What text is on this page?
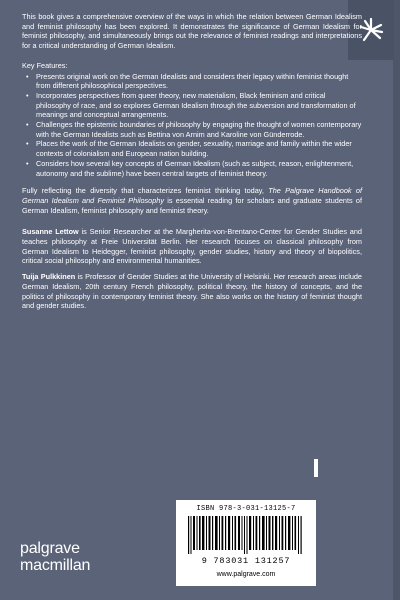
This book gives a comprehensive overview of the ways in which the relation between German Idealism and feminist philosophy has been explored. It demonstrates the significance of German Idealism for feminist philosophy, and simultaneously brings out the relevance of feminist readings and interpretations for a critical understanding of German Idealism.

Key Features:
• Presents original work on the German Idealists and considers their legacy within feminist thought from different philosophical perspectives.
• Incorporates perspectives from queer theory, new materialism, Black feminism and critical philosophy of race, and so explores German Idealism through the subversion and transformation of meanings and conceptual arrangements.
• Challenges the epistemic boundaries of philosophy by engaging the thought of women contemporary with the German Idealists such as Bettina von Arnim and Karoline von Günderrode.
• Places the work of the German Idealists on gender, sexuality, marriage and family within the wider contexts of colonialism and European nation building.
• Considers how several key concepts of German Idealism (such as subject, reason, enlightenment, autonomy and the sublime) have been central targets of feminist theory.

Fully reflecting the diversity that characterizes feminist thinking today, The Palgrave Handbook of German Idealism and Feminist Philosophy is essential reading for scholars and graduate students of German Idealism, feminist philosophy and feminist theory.

Susanne Lettow is Senior Researcher at the Margherita-von-Brentano-Center for Gender Studies and teaches philosophy at Freie Universität Berlin. Her research focuses on classical philosophy from German Idealism to Heidegger, feminist philosophy, gender studies, history and theory of biopolitics, critical social philosophy and environmental humanities.

Tuija Pulkkinen is Professor of Gender Studies at the University of Helsinki. Her research areas include German Idealism, 20th century French philosophy, political theory, the history of concepts, and the politics of philosophy in contemporary feminist theory. She also works on the history of feminist thought and gender studies.

ISBN 978-3-031-13125-7
9 783031 131257
www.palgrave.com
palgrave
macmillan
